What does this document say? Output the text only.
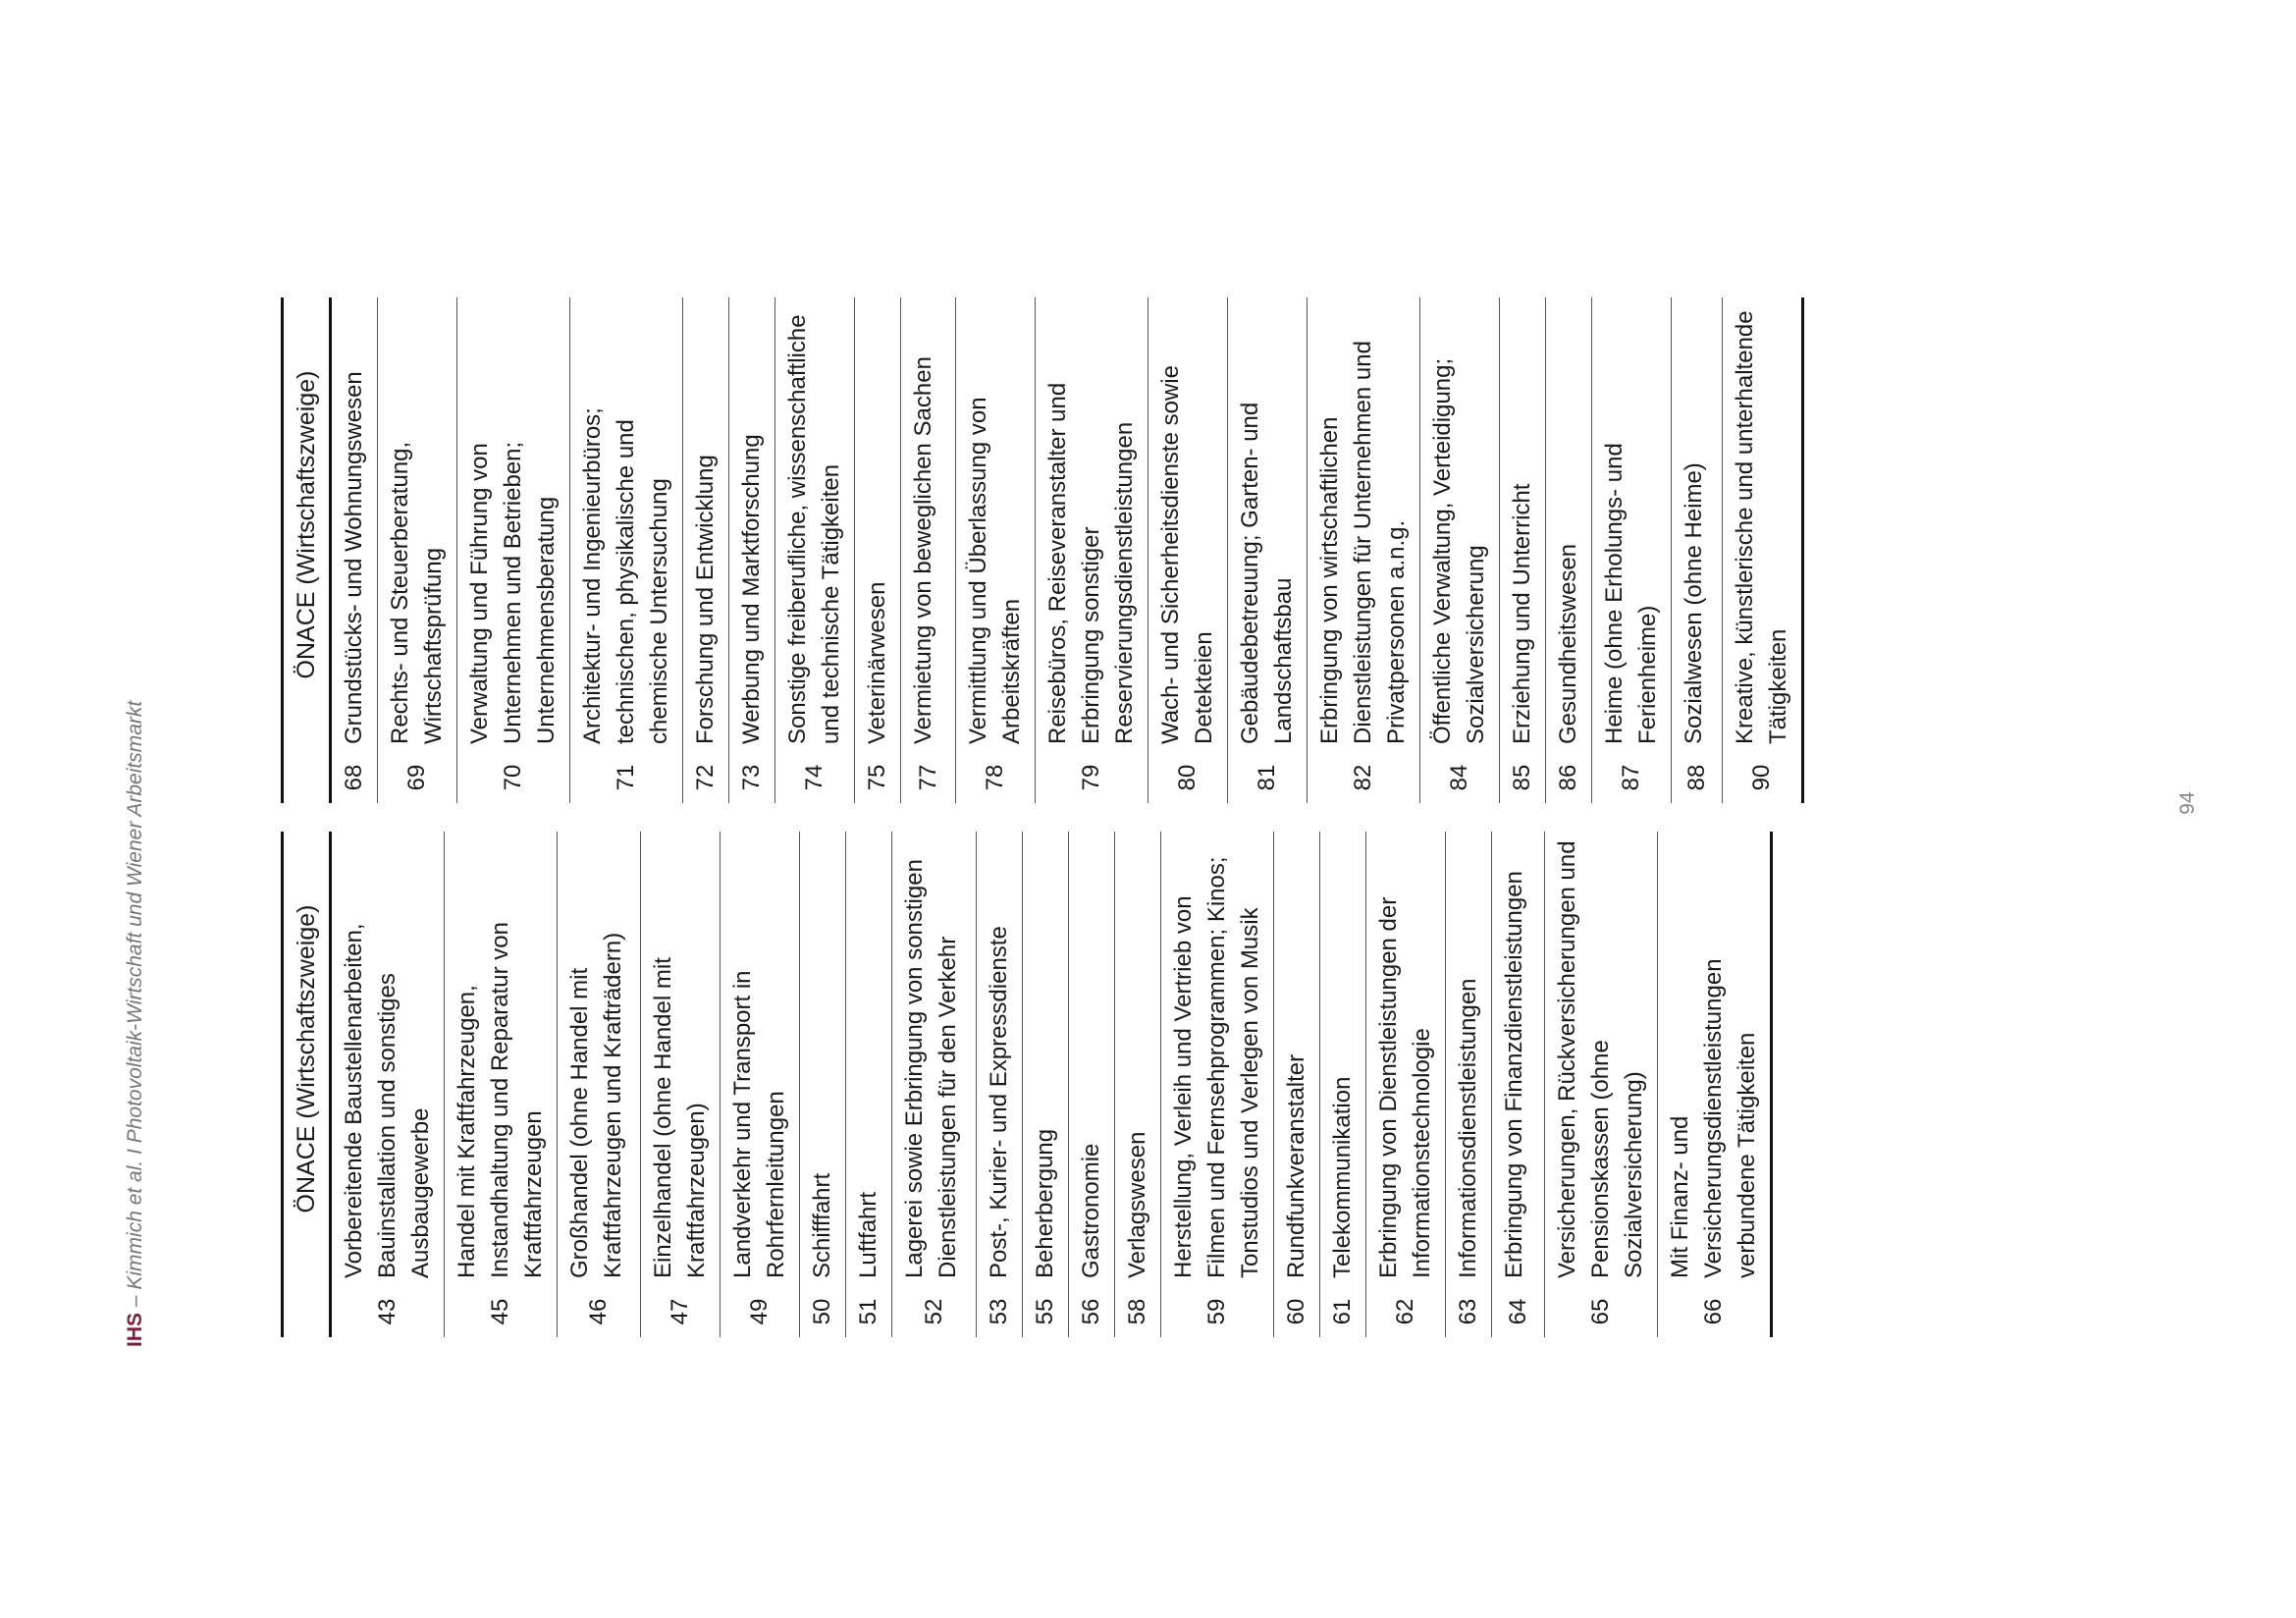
IHS – Kimmich et al. I Photovoltaik-Wirtschaft und Wiener Arbeitsmarkt	94
ÖNACE (Wirtschaftszweige)
43
Vorbereitende Baustellenarbeiten, Bauinstallation und sonstiges Ausbaugewerbe
45
Handel mit Kraftfahrzeugen, Instandhaltung und Reparatur von Kraftfahrzeugen
46
Großhandel (ohne Handel mit Kraftfahrzeugen und Krafträdern)
47
Einzelhandel (ohne Handel mit Kraftfahrzeugen)
49
Landverkehr und Transport in Rohrfernleitungen
50
Schifffahrt
51
Luftfahrt
52
Lagerei sowie Erbringung von sonstigen Dienstleistungen für den Verkehr
53
Post-, Kurier- und Expressdienste
55
Beherbergung
56
Gastronomie
58
Verlagswesen
59
Herstellung, Verleih und Vertrieb von Filmen und Fernsehprogrammen; Kinos; Tonstudios und Verlegen von Musik
60
Rundfunkveranstalter
61
Telekommunikation
62
Erbringung von Dienstleistungen der Informationstechnologie
63
Informationsdienstleistungen
64
Erbringung von Finanzdienstleistungen
65
Versicherungen, Rückversicherungen und Pensionskassen (ohne Sozialversicherung)
66
Mit Finanz- und Versicherungsdienstleistungen verbundene Tätigkeiten
ÖNACE (Wirtschaftszweige)
68
Grundstücks- und Wohnungswesen
69
Rechts- und Steuerberatung, Wirtschaftsprüfung
70
Verwaltung und Führung von Unternehmen und Betrieben; Unternehmensberatung
71
Architektur- und Ingenieurbüros; technischen, physikalische und chemische Untersuchung
72
Forschung und Entwicklung
73
Werbung und Marktforschung
74
Sonstige freiberufliche, wissenschaftliche und technische Tätigkeiten
75
Veterinärwesen
77
Vermietung von beweglichen Sachen
78
Vermittlung und Überlassung von Arbeitskräften
79
Reisebüros, Reiseveranstalter und Erbringung sonstiger Reservierungsdienstleistungen
80
Wach- und Sicherheitsdienste sowie Detekteien
81
Gebäudebetreuung; Garten- und Landschaftsbau
82
Erbringung von wirtschaftlichen Dienstleistungen für Unternehmen und Privatpersonen a.n.g.
84
Öffentliche Verwaltung, Verteidigung; Sozialversicherung
85
Erziehung und Unterricht
86
Gesundheitswesen
87
Heime (ohne Erholungs- und Ferienheime)
88
Sozialwesen (ohne Heime)
90
Kreative, künstlerische und unterhaltende Tätigkeiten
